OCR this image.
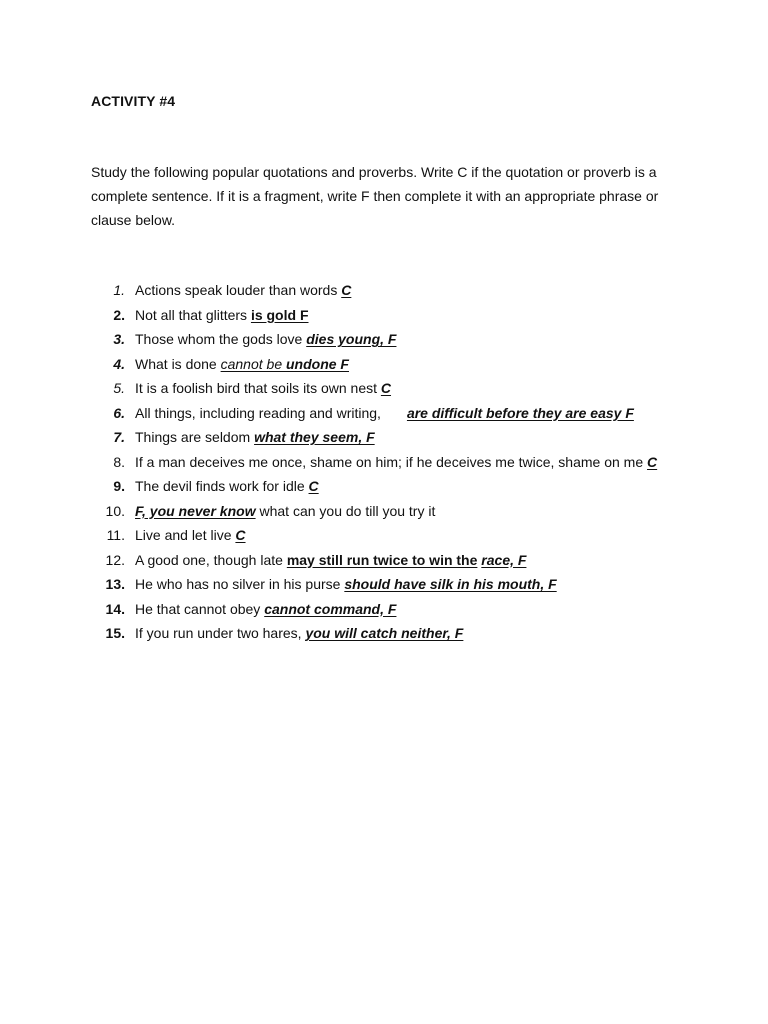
ACTIVITY #4

Study the following popular quotations and proverbs. Write C if the quotation or proverb is a complete sentence. If it is a fragment, write F then complete it with an appropriate phrase or clause below.

1. Actions speak louder than words C
2. Not all that glitters is gold F
3. Those whom the gods love dies young, F
4. What is done cannot be undone F
5. It is a foolish bird that soils its own nest C
6. All things, including reading and writing, are difficult before they are easy F
7. Things are seldom what they seem, F
8. If a man deceives me once, shame on him; if he deceives me twice, shame on me C
9. The devil finds work for idle C
10. F, you never know what can you do till you try it
11. Live and let live C
12. A good one, though late may still run twice to win the race, F
13. He who has no silver in his purse should have silk in his mouth, F
14. He that cannot obey cannot command, F
15. If you run under two hares, you will catch neither, F
